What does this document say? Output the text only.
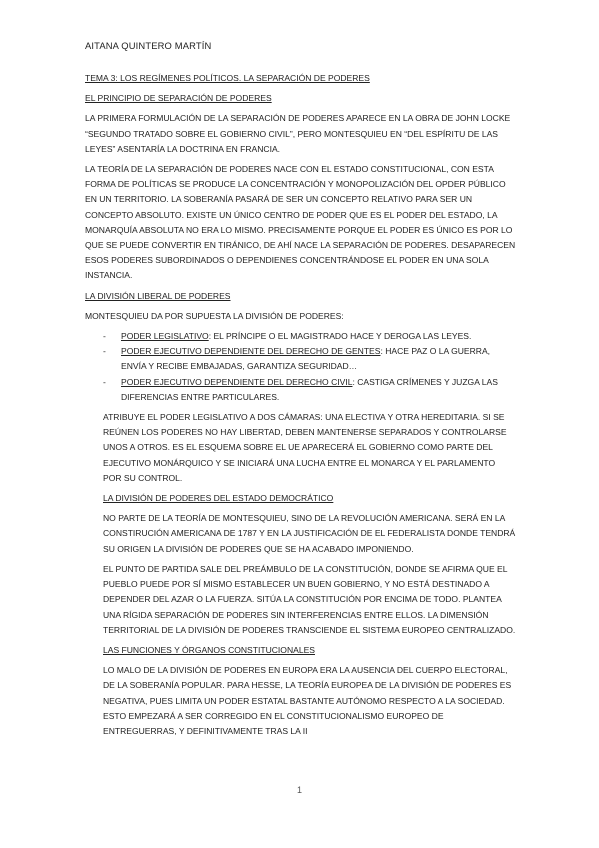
AITANA QUINTERO MARTÍN

TEMA 3: LOS REGÍMENES POLÍTICOS. LA SEPARACIÓN DE PODERES

EL PRINCIPIO DE SEPARACIÓN DE PODERES

LA PRIMERA FORMULACIÓN DE LA SEPARACIÓN DE PODERES APARECE EN LA OBRA DE JOHN LOCKE “SEGUNDO TRATADO SOBRE EL GOBIERNO CIVIL”, PERO MONTESQUIEU EN “DEL ESPÍRITU DE LAS LEYES” ASENTARÍA LA DOCTRINA EN FRANCIA.

LA TEORÍA DE LA SEPARACIÓN DE PODERES NACE CON EL ESTADO CONSTITUCIONAL, CON ESTA FORMA DE POLÍTICAS SE PRODUCE LA CONCENTRACIÓN Y MONOPOLIZACIÓN DEL OPDER PÚBLICO EN UN TERRITORIO. LA SOBERANÍA PASARÁ DE SER UN CONCEPTO RELATIVO PARA SER UN CONCEPTO ABSOLUTO. EXISTE UN ÚNICO CENTRO DE PODER QUE ES EL PODER DEL ESTADO, LA MONARQUÍA ABSOLUTA NO ERA LO MISMO. PRECISAMENTE PORQUE EL PODER ES ÚNICO ES POR LO QUE SE PUEDE CONVERTIR EN TIRÁNICO, DE AHÍ NACE LA SEPARACIÓN DE PODERES. DESAPARECEN ESOS PODERES SUBORDINADOS O DEPENDIENES CONCENTRÁNDOSE EL PODER EN UNA SOLA INSTANCIA.

LA DIVISIÓN LIBERAL DE PODERES

MONTESQUIEU DA POR SUPUESTA LA DIVISIÓN DE PODERES:

- PODER LEGISLATIVO: EL PRÍNCIPE O EL MAGISTRADO HACE Y DEROGA LAS LEYES.
- PODER EJECUTIVO DEPENDIENTE DEL DERECHO DE GENTES: HACE PAZ O LA GUERRA, ENVÍA Y RECIBE EMBAJADAS, GARANTIZA SEGURIDAD…
- PODER EJECUTIVO DEPENDIENTE DEL DERECHO CIVIL: CASTIGA CRÍMENES Y JUZGA LAS DIFERENCIAS ENTRE PARTICULARES.

ATRIBUYE EL PODER LEGISLATIVO A DOS CÁMARAS: UNA ELECTIVA Y OTRA HEREDITARIA. SI SE REÚNEN LOS PODERES NO HAY LIBERTAD, DEBEN MANTENERSE SEPARADOS Y CONTROLARSE UNOS A OTROS. ES EL ESQUEMA SOBRE EL UE APARECERÁ EL GOBIERNO COMO PARTE DEL EJECUTIVO MONÁRQUICO Y SE INICIARÁ UNA LUCHA ENTRE EL MONARCA Y EL PARLAMENTO POR SU CONTROL.

LA DIVISIÓN DE PODERES DEL ESTADO DEMOCRÁTICO

NO PARTE DE LA TEORÍA DE MONTESQUIEU, SINO DE LA REVOLUCIÓN AMERICANA. SERÁ EN LA CONSTIRUCIÓN AMERICANA DE 1787 Y EN LA JUSTIFICACIÓN DE EL FEDERALISTA DONDE TENDRÁ SU ORIGEN LA DIVISIÓN DE PODERES QUE SE HA ACABADO IMPONIENDO.

EL PUNTO DE PARTIDA SALE DEL PREÁMBULO DE LA CONSTITUCIÓN, DONDE SE AFIRMA QUE EL PUEBLO PUEDE POR SÍ MISMO ESTABLECER UN BUEN GOBIERNO, Y NO ESTÁ DESTINADO A DEPENDER DEL AZAR O LA FUERZA. SITÚA LA CONSTITUCIÓN POR ENCIMA DE TODO. PLANTEA UNA RÍGIDA SEPARACIÓN DE PODERES SIN INTERFERENCIAS ENTRE ELLOS. LA DIMENSIÓN TERRITORIAL DE LA DIVISIÓN DE PODERES TRANSCIENDE EL SISTEMA EUROPEO CENTRALIZADO.

LAS FUNCIONES Y ÓRGANOS CONSTITUCIONALES

LO MALO DE LA DIVISIÓN DE PODERES EN EUROPA ERA LA AUSENCIA DEL CUERPO ELECTORAL, DE LA SOBERANÍA POPULAR. PARA HESSE, LA TEORÍA EUROPEA DE LA DIVISIÓN DE PODERES ES NEGATIVA, PUES LIMITA UN PODER ESTATAL BASTANTE AUTÓNOMO RESPECTO A LA SOCIEDAD. ESTO EMPEZARÁ A SER CORREGIDO EN EL CONSTITUCIONALISMO EUROPEO DE ENTREGUERRAS, Y DEFINITIVAMENTE TRAS LA II

1
